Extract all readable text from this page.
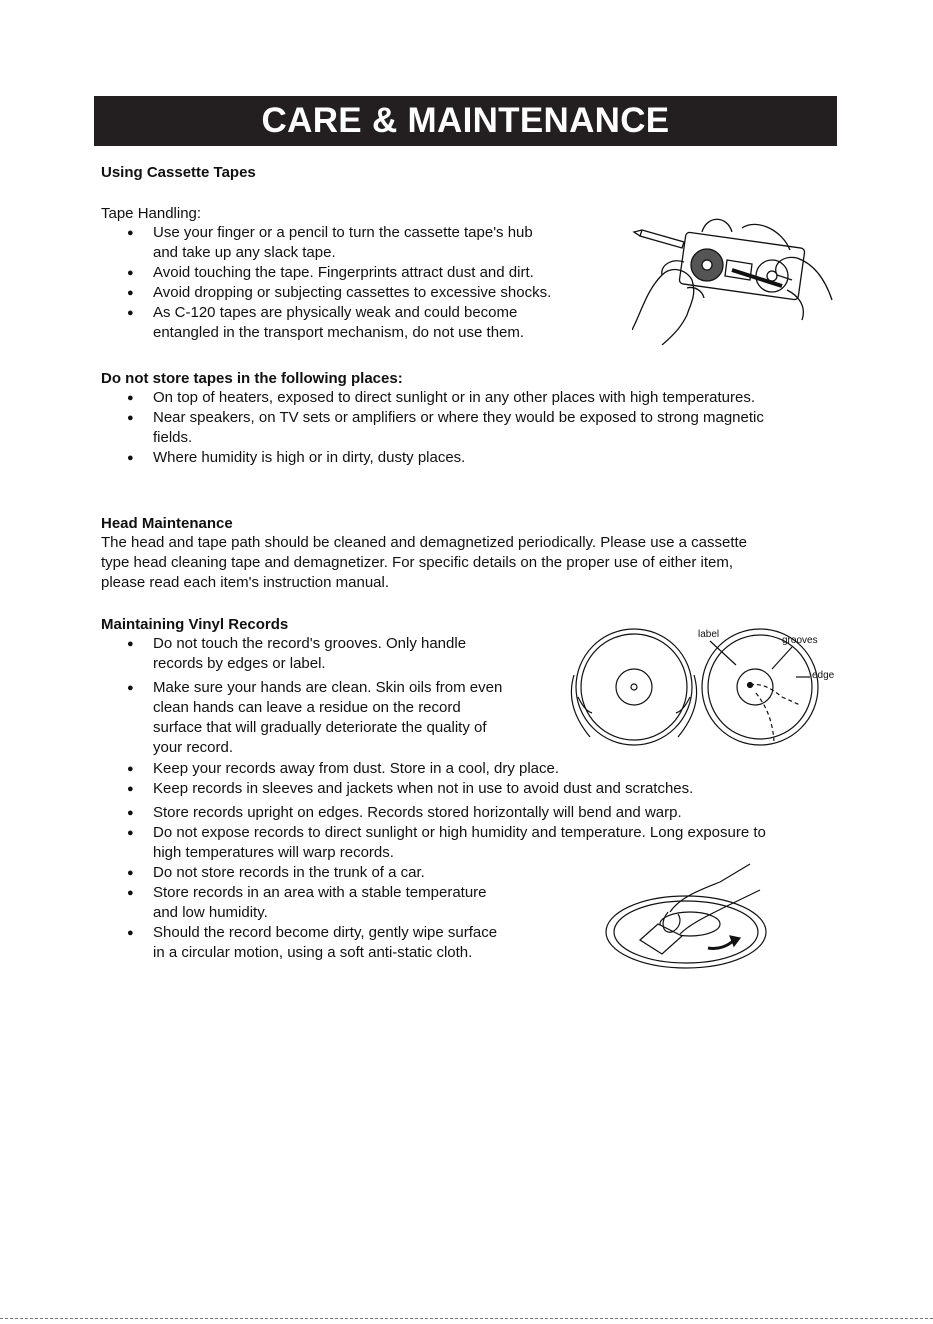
CARE & MAINTENANCE
Using Cassette Tapes
Tape Handling:
● Use your finger or a pencil to turn the cassette tape's hub
and take up any slack tape.
● Avoid touching the tape. Fingerprints attract dust and dirt.
● Avoid dropping or subjecting cassettes to excessive shocks.
● As C-120 tapes are physically weak and could become
entangled in the transport mechanism, do not use them.
Do not store tapes in the following places:
● On top of heaters, exposed to direct sunlight or in any other places with high temperatures.
● Near speakers, on TV sets or amplifiers or where they would be exposed to strong magnetic
fields.
● Where humidity is high or in dirty, dusty places.
Head Maintenance
The head and tape path should be cleaned and demagnetized periodically. Please use a cassette
type head cleaning tape and demagnetizer. For specific details on the proper use of either item,
please read each item's instruction manual.
Maintaining Vinyl Records
● Do not touch the record's grooves. Only handle
records by edges or label.
● Make sure your hands are clean. Skin oils from even
clean hands can leave a residue on the record
surface that will gradually deteriorate the quality of
your record.
● Keep your records away from dust. Store in a cool, dry place.
● Keep records in sleeves and jackets when not in use to avoid dust and scratches.
● Store records upright on edges. Records stored horizontally will bend and warp.
● Do not expose records to direct sunlight or high humidity and temperature. Long exposure to
high temperatures will warp records.
● Do not store records in the trunk of a car.
● Store records in an area with a stable temperature
and low humidity.
● Should the record become dirty, gently wipe surface
in a circular motion, using a soft anti-static cloth.
label
grooves
edge
